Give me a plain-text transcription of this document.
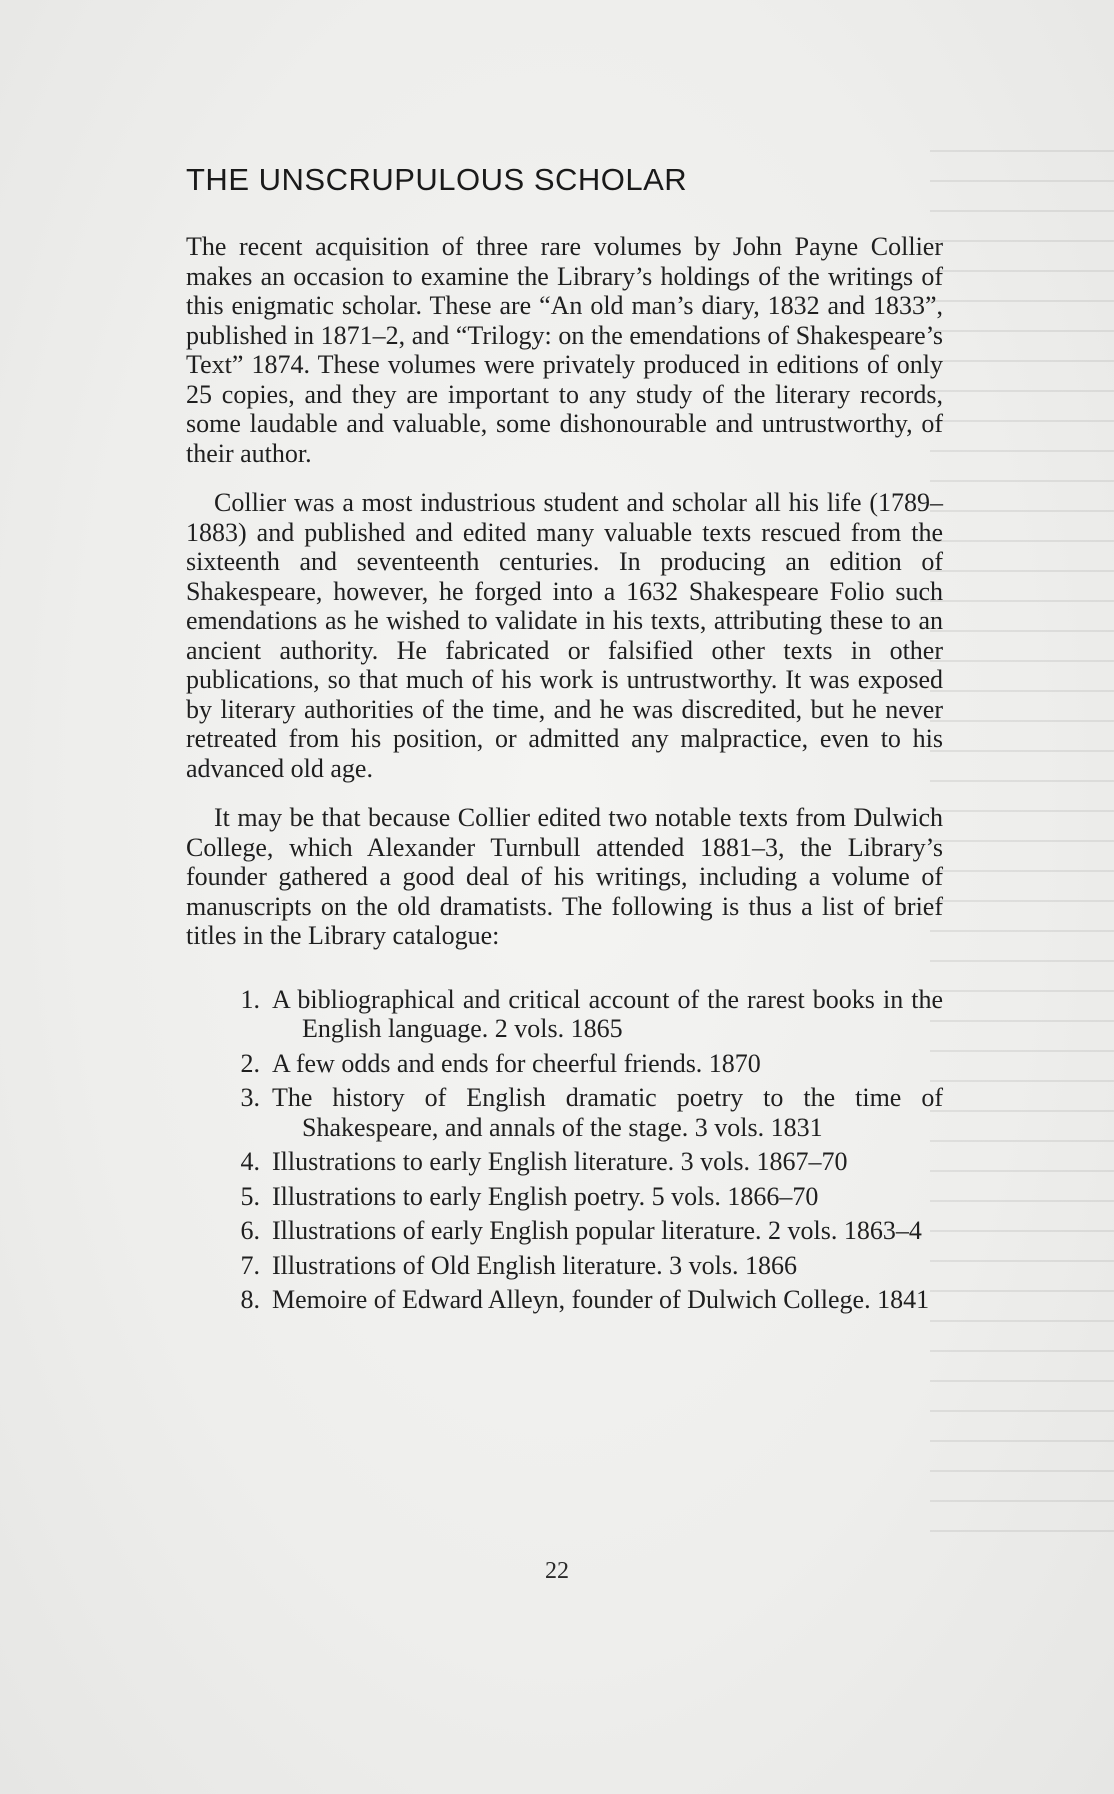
THE UNSCRUPULOUS SCHOLAR

The recent acquisition of three rare volumes by John Payne Collier makes an occasion to examine the Library’s holdings of the writings of this enigmatic scholar. These are “An old man’s diary, 1832 and 1833”, published in 1871–2, and “Trilogy: on the emendations of Shakespeare’s Text” 1874. These volumes were privately produced in editions of only 25 copies, and they are important to any study of the literary records, some laudable and valuable, some dishonourable and untrustworthy, of their author.

Collier was a most industrious student and scholar all his life (1789–1883) and published and edited many valuable texts rescued from the sixteenth and seventeenth centuries. In producing an edition of Shakespeare, however, he forged into a 1632 Shakespeare Folio such emendations as he wished to validate in his texts, attributing these to an ancient authority. He fabricated or falsified other texts in other publications, so that much of his work is untrustworthy. It was exposed by literary authorities of the time, and he was discredited, but he never retreated from his position, or admitted any malpractice, even to his advanced old age.

It may be that because Collier edited two notable texts from Dulwich College, which Alexander Turnbull attended 1881–3, the Library’s founder gathered a good deal of his writings, including a volume of manuscripts on the old dramatists. The following is thus a list of brief titles in the Library catalogue:

1. A bibliographical and critical account of the rarest books in the English language. 2 vols. 1865
2. A few odds and ends for cheerful friends. 1870
3. The history of English dramatic poetry to the time of Shakespeare, and annals of the stage. 3 vols. 1831
4. Illustrations to early English literature. 3 vols. 1867–70
5. Illustrations to early English poetry. 5 vols. 1866–70
6. Illustrations of early English popular literature. 2 vols. 1863–4
7. Illustrations of Old English literature. 3 vols. 1866
8. Memoire of Edward Alleyn, founder of Dulwich College. 1841
22
